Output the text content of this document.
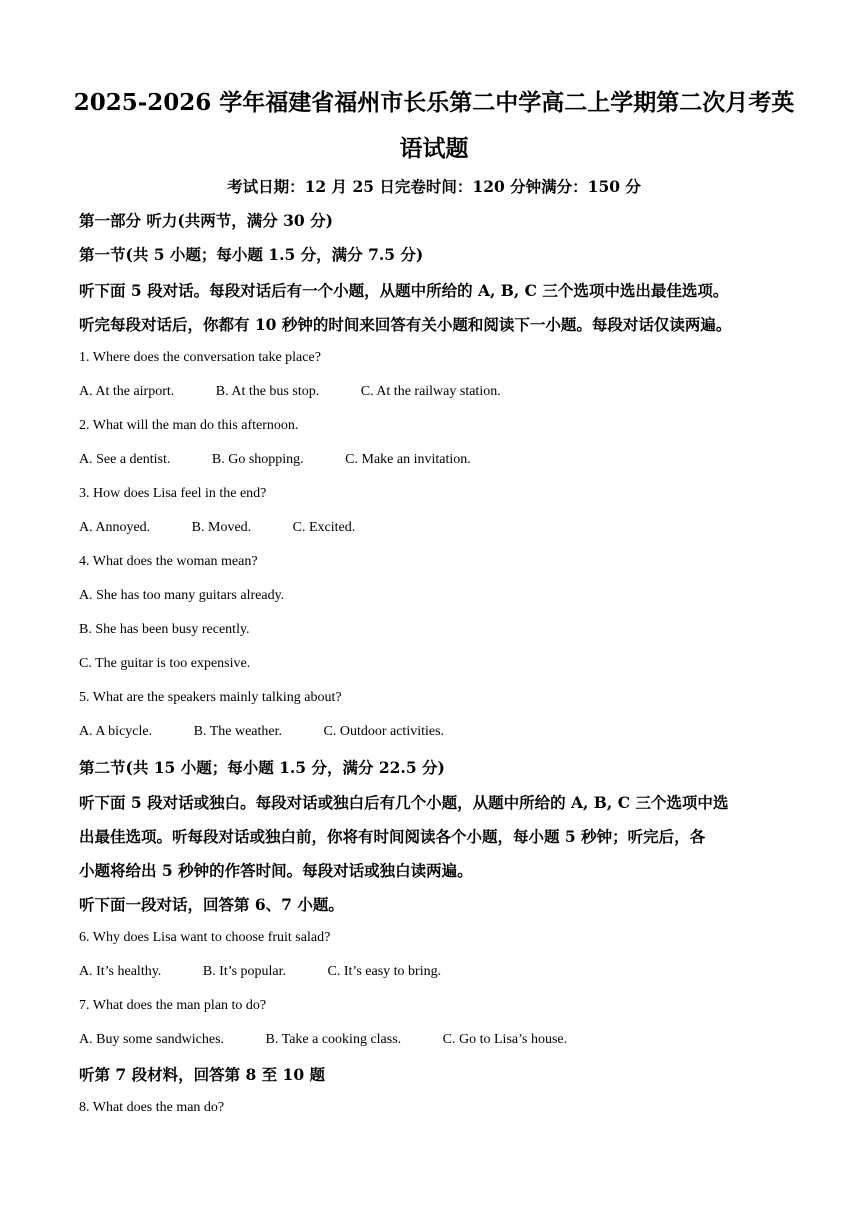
2025-2026 学年福建省福州市长乐第二中学高二上学期第二次月考英
语试题
考试日期：12 月 25 日完卷时间：120 分钟满分：150 分
第一部分 听力(共两节，满分 30 分)
第一节(共 5 小题；每小题 1.5 分，满分 7.5 分)
听下面 5 段对话。每段对话后有一个小题，从题中所给的 A, B, C 三个选项中选出最佳选项。
听完每段对话后，你都有 10 秒钟的时间来回答有关小题和阅读下一小题。每段对话仅读两遍。
1. Where does the conversation take place?
A. At the airport.	B. At the bus stop.	C. At the railway station.
2. What will the man do this afternoon.
A. See a dentist.	B. Go shopping.	C. Make an invitation.
3. How does Lisa feel in the end?
A. Annoyed.	B. Moved.	C. Excited.
4. What does the woman mean?
A. She has too many guitars already.
B. She has been busy recently.
C. The guitar is too expensive.
5. What are the speakers mainly talking about?
A. A bicycle.	B. The weather.	C. Outdoor activities.
第二节(共 15 小题；每小题 1.5 分，满分 22.5 分)
听下面 5 段对话或独白。每段对话或独白后有几个小题，从题中所给的 A, B, C 三个选项中选
出最佳选项。听每段对话或独白前，你将有时间阅读各个小题，每小题 5 秒钟；听完后，各
小题将给出 5 秒钟的作答时间。每段对话或独白读两遍。
听下面一段对话，回答第 6、7 小题。
6. Why does Lisa want to choose fruit salad?
A. It’s healthy.	B. It’s popular.	C. It’s easy to bring.
7. What does the man plan to do?
A. Buy some sandwiches.	B. Take a cooking class.	C. Go to Lisa’s house.
听第 7 段材料，回答第 8 至 10 题
8. What does the man do?
